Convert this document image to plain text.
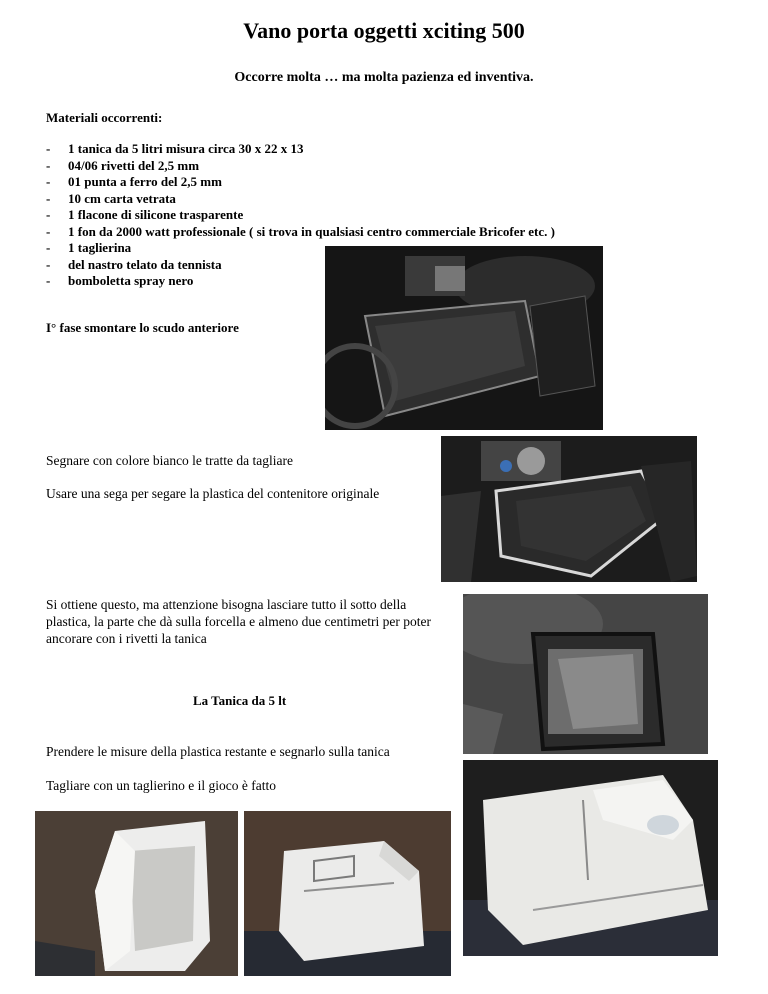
Vano porta oggetti xciting 500
Occorre molta … ma molta pazienza ed inventiva.
Materiali occorrenti:
- 1 tanica da 5 litri misura circa 30 x 22 x 13
- 04/06 rivetti del 2,5 mm
- 01 punta a ferro del 2,5 mm
- 10 cm carta vetrata
- 1 flacone di silicone trasparente
- 1 fon da 2000 watt professionale ( si trova in qualsiasi centro commerciale Bricofer etc. )
- 1 taglierina
- del nastro telato da tennista
- bomboletta spray nero
I° fase smontare lo scudo anteriore
Segnare con colore bianco le tratte da tagliare
Usare una sega per segare la plastica del contenitore originale
Si ottiene questo, ma attenzione bisogna lasciare tutto il sotto della plastica, la parte che dà sulla forcella e almeno due centimetri per poter ancorare con i rivetti la tanica
La Tanica da 5 lt
Prendere le misure della plastica restante e segnarlo sulla tanica
Tagliare con un taglierino e il gioco è fatto
